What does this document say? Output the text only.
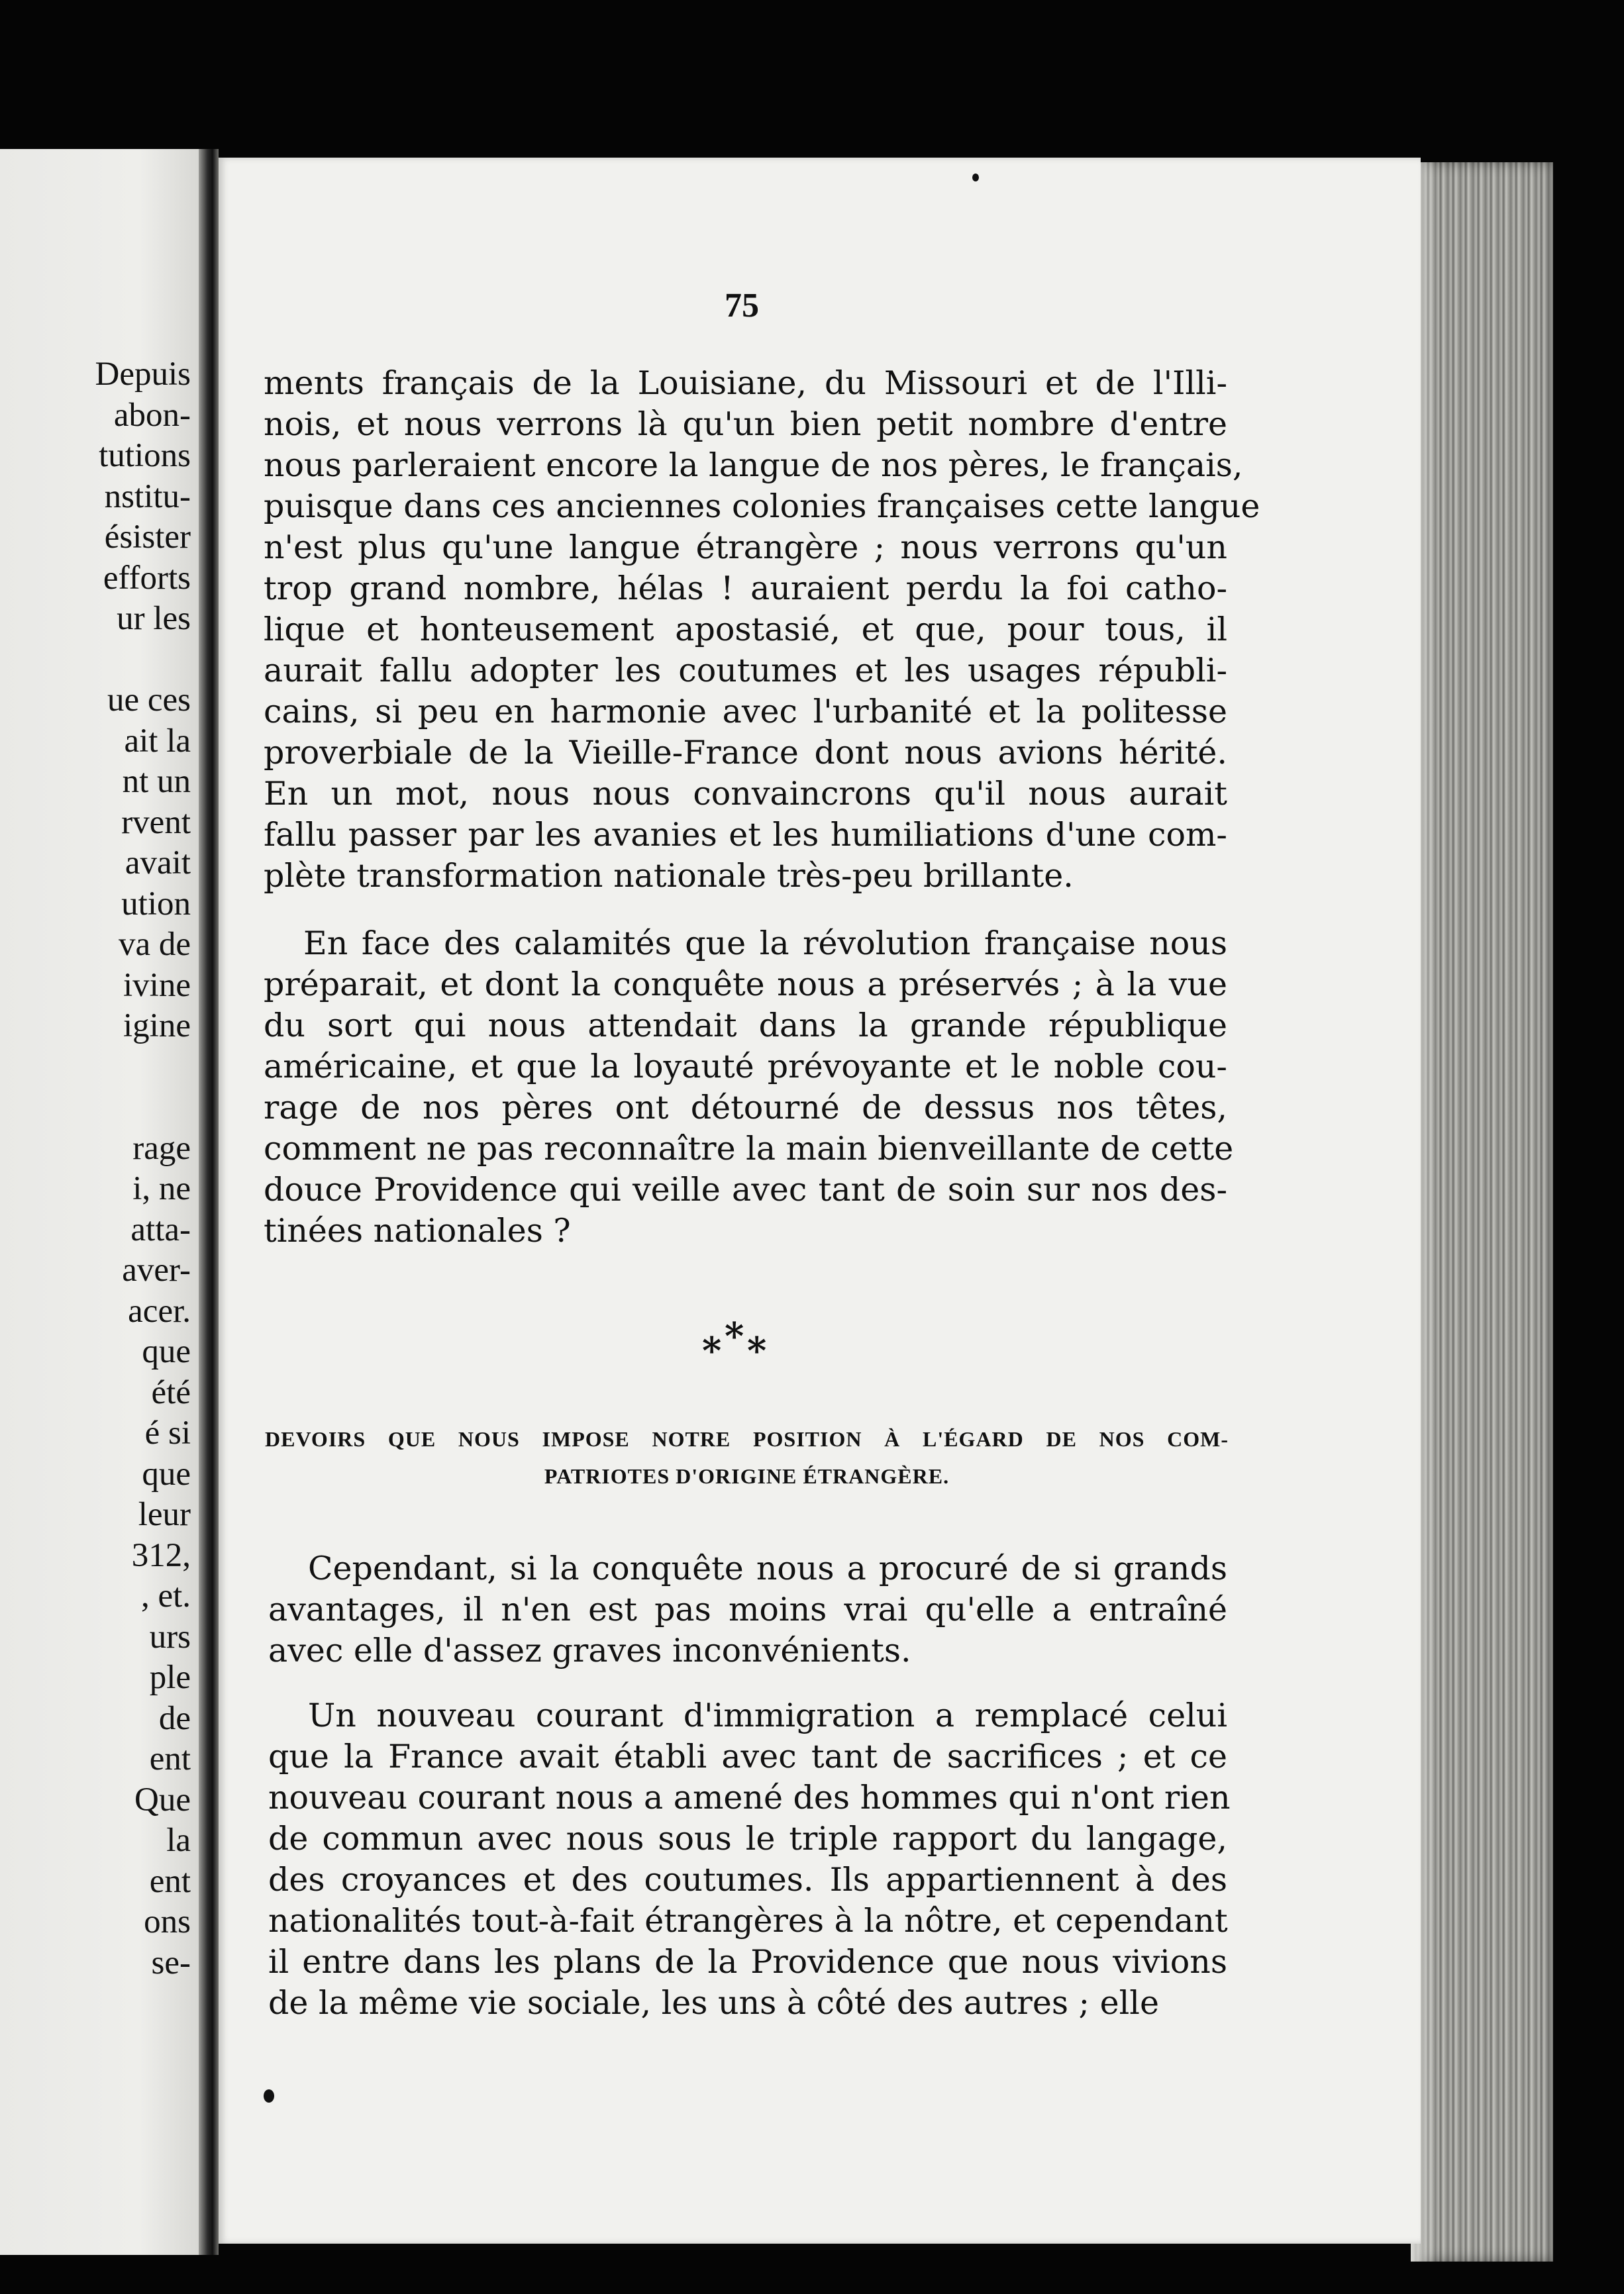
Depuis
abon-
tutions
nstitu-
ésister
efforts
ur les
ue ces
ait la
nt un
rvent
avait
ution
va de
ivine
igine
rage
i, ne
atta-
aver-
acer.
que
été
é si
que
leur
312,
, et.
urs
ple
de
ent
Que
la
ent
ons
se-
75
ments français de la Louisiane, du Missouri et de l'Illi-
nois, et nous verrons là qu'un bien petit nombre d'entre
nous parleraient encore la langue de nos pères, le français,
puisque dans ces anciennes colonies françaises cette langue
n'est plus qu'une langue étrangère ; nous verrons qu'un
trop grand nombre, hélas ! auraient perdu la foi catho-
lique et honteusement apostasié, et que, pour tous, il
aurait fallu adopter les coutumes et les usages républi-
cains, si peu en harmonie avec l'urbanité et la politesse
proverbiale de la Vieille-France dont nous avions hérité.
En un mot, nous nous convaincrons qu'il nous aurait
fallu passer par les avanies et les humiliations d'une com-
plète transformation nationale très-peu brillante.
En face des calamités que la révolution française nous
préparait, et dont la conquête nous a préservés ; à la vue
du sort qui nous attendait dans la grande république
américaine, et que la loyauté prévoyante et le noble cou-
rage de nos pères ont détourné de dessus nos têtes,
comment ne pas reconnaître la main bienveillante de cette
douce Providence qui veille avec tant de soin sur nos des-
tinées nationales ?
* * *
DEVOIRS QUE NOUS IMPOSE NOTRE POSITION À L'ÉGARD DE NOS COM-
PATRIOTES D'ORIGINE ÉTRANGÈRE.
Cependant, si la conquête nous a procuré de si grands
avantages, il n'en est pas moins vrai qu'elle a entraîné
avec elle d'assez graves inconvénients.
Un nouveau courant d'immigration a remplacé celui
que la France avait établi avec tant de sacrifices ; et ce
nouveau courant nous a amené des hommes qui n'ont rien
de commun avec nous sous le triple rapport du langage,
des croyances et des coutumes. Ils appartiennent à des
nationalités tout-à-fait étrangères à la nôtre, et cependant
il entre dans les plans de la Providence que nous vivions
de la même vie sociale, les uns à côté des autres ; elle
